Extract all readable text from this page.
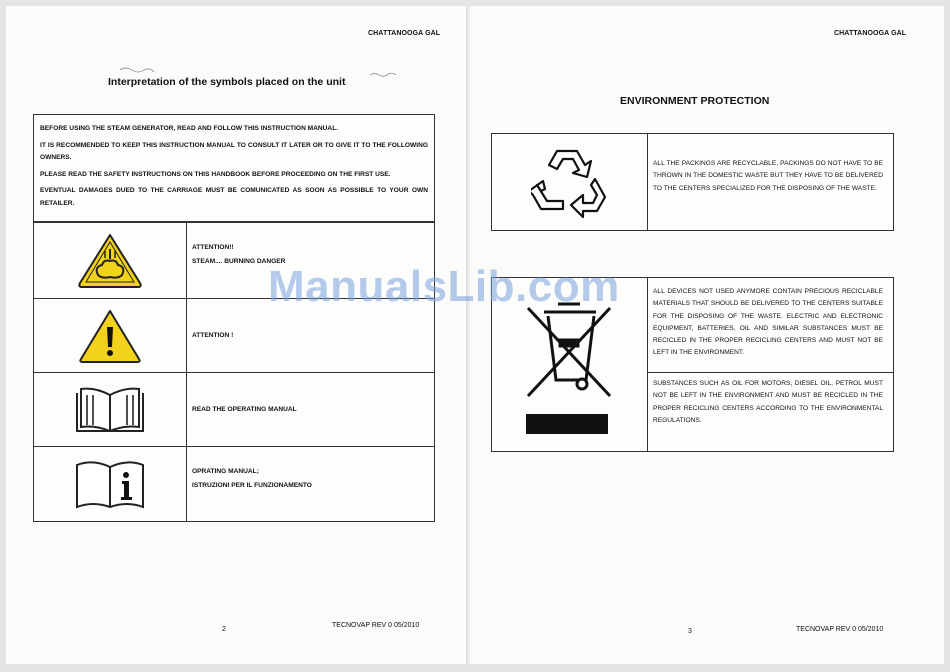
CHATTANOOGA GAL
Interpretation of the symbols placed on the unit

BEFORE USING THE STEAM GENERATOR, READ AND FOLLOW THIS INSTRUCTION MANUAL.

IT IS RECOMMENDED TO KEEP THIS INSTRUCTION MANUAL TO CONSULT IT LATER OR TO GIVE IT TO THE FOLLOWING OWNERS.

PLEASE READ THE SAFETY INSTRUCTIONS ON THIS HANDBOOK BEFORE PROCEEDING ON THE FIRST USE.

EVENTUAL DAMAGES DUED TO THE CARRIAGE MUST BE COMUNICATED AS SOON AS POSSIBLE TO YOUR OWN RETAILER.

ATTENTION!!
STEAM.... BURNING DANGER
ATTENTION !
READ THE OPERATING MANUAL
OPRATING MANUAL;
ISTRUZIONI PER IL FUNZIONAMENTO
2
TECNOVAP REV 0 05/2010
CHATTANOOGA GAL
ENVIRONMENT PROTECTION
ALL THE PACKINGS ARE RECYCLABLE, PACKINGS DO NOT HAVE TO BE THROWN IN THE DOMESTIC WASTE BUT THEY HAVE TO BE DELIVERED TO THE CENTERS SPECIALIZED FOR THE DISPOSING OF THE WASTE.
ALL DEVICES NOT USED ANYMORE CONTAIN PRECIOUS RECICLABLE MATERIALS THAT SHOULD BE DELIVERED TO THE CENTERS SUITABLE FOR THE DISPOSING OF THE WASTE. ELECTRIC AND ELECTRONIC EQUIPMENT, BATTERIES, OIL AND SIMILAR SUBSTANCES MUST BE RECICLED IN THE PROPER RECICLING CENTERS AND MUST NOT BE LEFT IN THE ENVIRONMENT.
SUBSTANCES SUCH AS OIL FOR MOTORS, DIESEL OIL, PETROL MUST NOT BE LEFT IN THE ENVIRONMENT AND MUST BE RECICLED IN THE PROPER RECICLING CENTERS ACCORDING TO THE ENVIRONMENTAL REGULATIONS.
3	TECNOVAP REV 0 05/2010
ManualsLib.com
